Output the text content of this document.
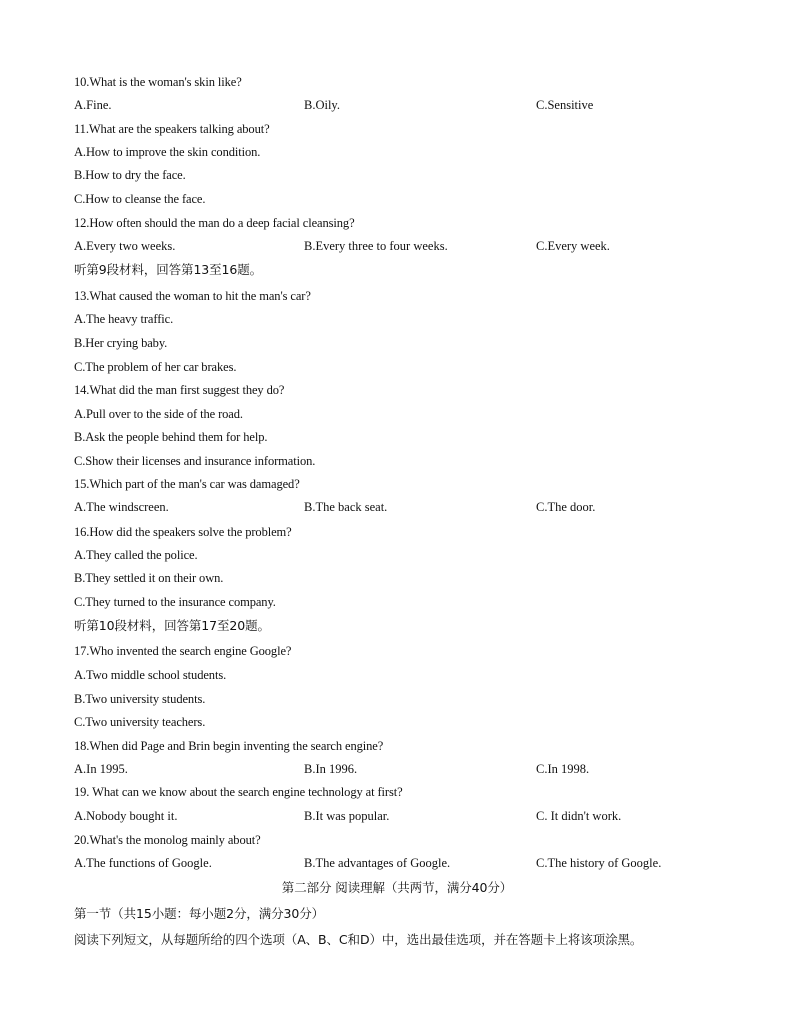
10.What is the woman's skin like?
A.Fine.	B.Oily.	C.Sensitive
11.What are the speakers talking about?
A.How to improve the skin condition.
B.How to dry the face.
C.How to cleanse the face.
12.How often should the man do a deep facial cleansing?
A.Every two weeks.	B.Every three to four weeks.	C.Every week.
听第9段材料，回答第13至16题。
13.What caused the woman to hit the man's car?
A.The heavy traffic.
B.Her crying baby.
C.The problem of her car brakes.
14.What did the man first suggest they do?
A.Pull over to the side of the road.
B.Ask the people behind them for help.
C.Show their licenses and insurance information.
15.Which part of the man's car was damaged?
A.The windscreen.	B.The back seat.	C.The door.
16.How did the speakers solve the problem?
A.They called the police.
B.They settled it on their own.
C.They turned to the insurance company.
听第10段材料，回答第17至20题。
17.Who invented the search engine Google?
A.Two middle school students.
B.Two university students.
C.Two university teachers.
18.When did Page and Brin begin inventing the search engine?
A.In 1995.	B.In 1996.	C.In 1998.
19. What can we know about the search engine technology at first?
A.Nobody bought it.	B.It was popular.	C. It didn't work.
20.What's the monolog mainly about?
A.The functions of Google.	B.The advantages of Google.	C.The history of Google.
第二部分 阅读理解（共两节，满分40分）
第一节（共15小题：每小题2分，满分30分）
阅读下列短文，从每题所给的四个选项（A、B、C和D）中，选出最佳选项，并在答题卡上将该项涂黑。
